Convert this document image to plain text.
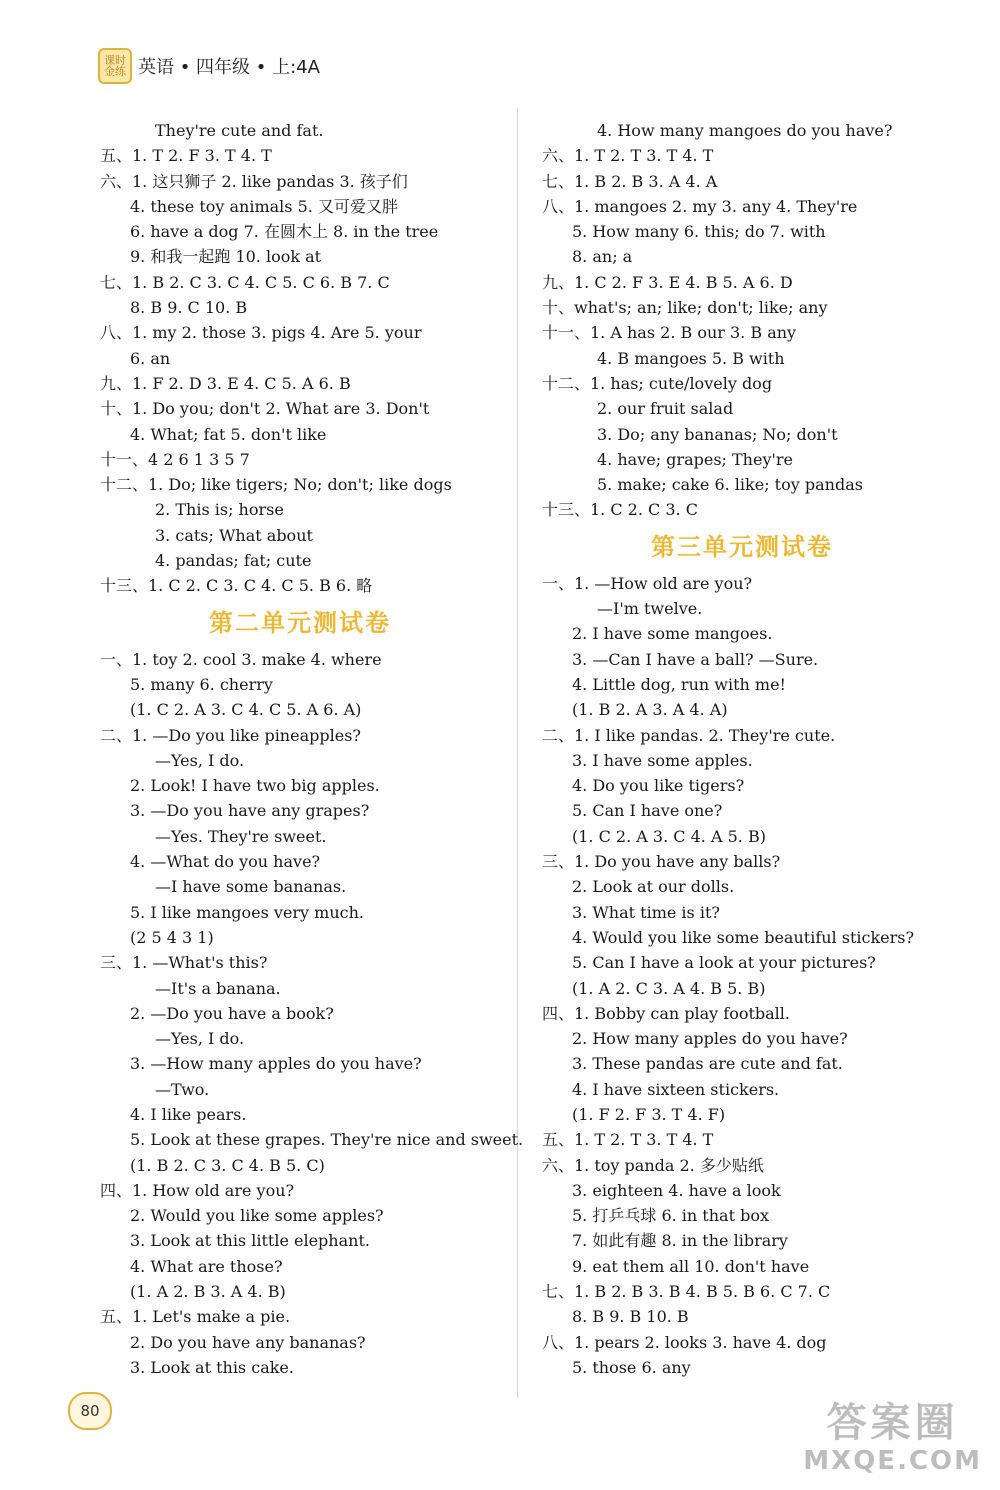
课时金练 英语 • 四年级 • 上:4A
They're cute and fat.
五、1. T 2. F 3. T 4. T
六、1. 这只狮子 2. like pandas 3. 孩子们
4. these toy animals 5. 又可爱又胖
6. have a dog 7. 在圆木上 8. in the tree
9. 和我一起跑 10. look at
七、1. B 2. C 3. C 4. C 5. C 6. B 7. C
8. B 9. C 10. B
八、1. my 2. those 3. pigs 4. Are 5. your
6. an
九、1. F 2. D 3. E 4. C 5. A 6. B
十、1. Do you; don't 2. What are 3. Don't
4. What; fat 5. don't like
十一、4 2 6 1 3 5 7
十二、1. Do; like tigers; No; don't; like dogs
2. This is; horse
3. cats; What about
4. pandas; fat; cute
十三、1. C 2. C 3. C 4. C 5. B 6. 略
第二单元测试卷
一、1. toy 2. cool 3. make 4. where
5. many 6. cherry
(1. C 2. A 3. C 4. C 5. A 6. A)
二、1. —Do you like pineapples?
—Yes, I do.
2. Look! I have two big apples.
3. —Do you have any grapes?
—Yes. They're sweet.
4. —What do you have?
—I have some bananas.
5. I like mangoes very much.
(2 5 4 3 1)
三、1. —What's this?
—It's a banana.
2. —Do you have a book?
—Yes, I do.
3. —How many apples do you have?
—Two.
4. I like pears.
5. Look at these grapes. They're nice and sweet.
(1. B 2. C 3. C 4. B 5. C)
四、1. How old are you?
2. Would you like some apples?
3. Look at this little elephant.
4. What are those?
(1. A 2. B 3. A 4. B)
五、1. Let's make a pie.
2. Do you have any bananas?
3. Look at this cake.
4. How many mangoes do you have?
六、1. T 2. T 3. T 4. T
七、1. B 2. B 3. A 4. A
八、1. mangoes 2. my 3. any 4. They're
5. How many 6. this; do 7. with
8. an; a
九、1. C 2. F 3. E 4. B 5. A 6. D
十、what's; an; like; don't; like; any
十一、1. A has 2. B our 3. B any
4. B mangoes 5. B with
十二、1. has; cute/lovely dog
2. our fruit salad
3. Do; any bananas; No; don't
4. have; grapes; They're
5. make; cake 6. like; toy pandas
十三、1. C 2. C 3. C
第三单元测试卷
一、1. —How old are you?
—I'm twelve.
2. I have some mangoes.
3. —Can I have a ball? —Sure.
4. Little dog, run with me!
(1. B 2. A 3. A 4. A)
二、1. I like pandas. 2. They're cute.
3. I have some apples.
4. Do you like tigers?
5. Can I have one?
(1. C 2. A 3. C 4. A 5. B)
三、1. Do you have any balls?
2. Look at our dolls.
3. What time is it?
4. Would you like some beautiful stickers?
5. Can I have a look at your pictures?
(1. A 2. C 3. A 4. B 5. B)
四、1. Bobby can play football.
2. How many apples do you have?
3. These pandas are cute and fat.
4. I have sixteen stickers.
(1. F 2. F 3. T 4. F)
五、1. T 2. T 3. T 4. T
六、1. toy panda 2. 多少贴纸
3. eighteen 4. have a look
5. 打乒乓球 6. in that box
7. 如此有趣 8. in the library
9. eat them all 10. don't have
七、1. B 2. B 3. B 4. B 5. B 6. C 7. C
8. B 9. B 10. B
八、1. pears 2. looks 3. have 4. dog
5. those 6. any
80	答案圈
MXQE.COM
